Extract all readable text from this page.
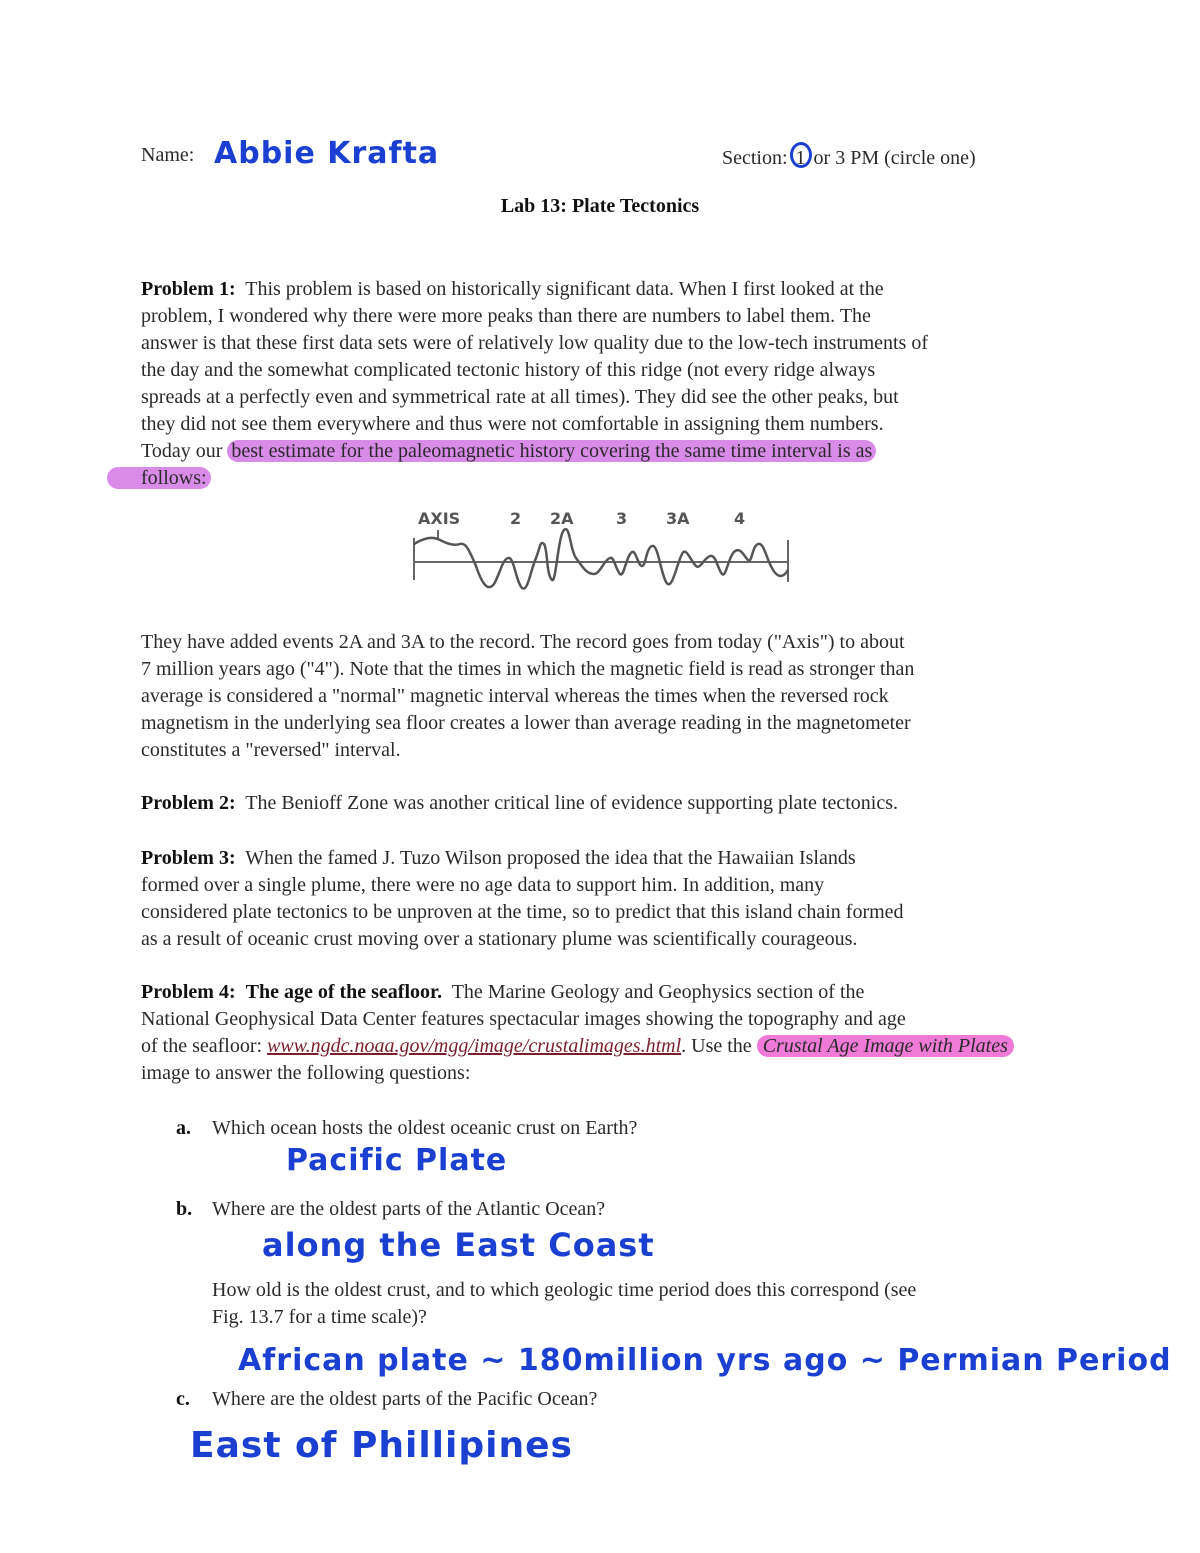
Name: Abbie Krafta	Section: 1 or 3 PM (circle one)
Lab 13: Plate Tectonics
Problem 1: This problem is based on historically significant data. When I first looked at the
problem, I wondered why there were more peaks than there are numbers to label them. The
answer is that these first data sets were of relatively low quality due to the low-tech instruments of
the day and the somewhat complicated tectonic history of this ridge (not every ridge always
spreads at a perfectly even and symmetrical rate at all times). They did see the other peaks, but
they did not see them everywhere and thus were not comfortable in assigning them numbers.
Today our best estimate for the paleomagnetic history covering the same time interval is as
follows:
AXIS	2 2A	3 3A	4
They have added events 2A and 3A to the record. The record goes from today ("Axis") to about
7 million years ago ("4"). Note that the times in which the magnetic field is read as stronger than
average is considered a "normal" magnetic interval whereas the times when the reversed rock
magnetism in the underlying sea floor creates a lower than average reading in the magnetometer
constitutes a "reversed" interval.
Problem 2: The Benioff Zone was another critical line of evidence supporting plate tectonics.
Problem 3: When the famed J. Tuzo Wilson proposed the idea that the Hawaiian Islands
formed over a single plume, there were no age data to support him. In addition, many
considered plate tectonics to be unproven at the time, so to predict that this island chain formed
as a result of oceanic crust moving over a stationary plume was scientifically courageous.
Problem 4: The age of the seafloor. The Marine Geology and Geophysics section of the
National Geophysical Data Center features spectacular images showing the topography and age
of the seafloor: www.ngdc.noaa.gov/mgg/image/crustalimages.html. Use the Crustal Age Image with Plates
image to answer the following questions:
a. Which ocean hosts the oldest oceanic crust on Earth?
Pacific Plate
b. Where are the oldest parts of the Atlantic Ocean?
along the East Coast
How old is the oldest crust, and to which geologic time period does this correspond (see
Fig. 13.7 for a time scale)?
African plate ~ 180million yrs ago ~ Permian Period
c. Where are the oldest parts of the Pacific Ocean?
East of Phillipines
